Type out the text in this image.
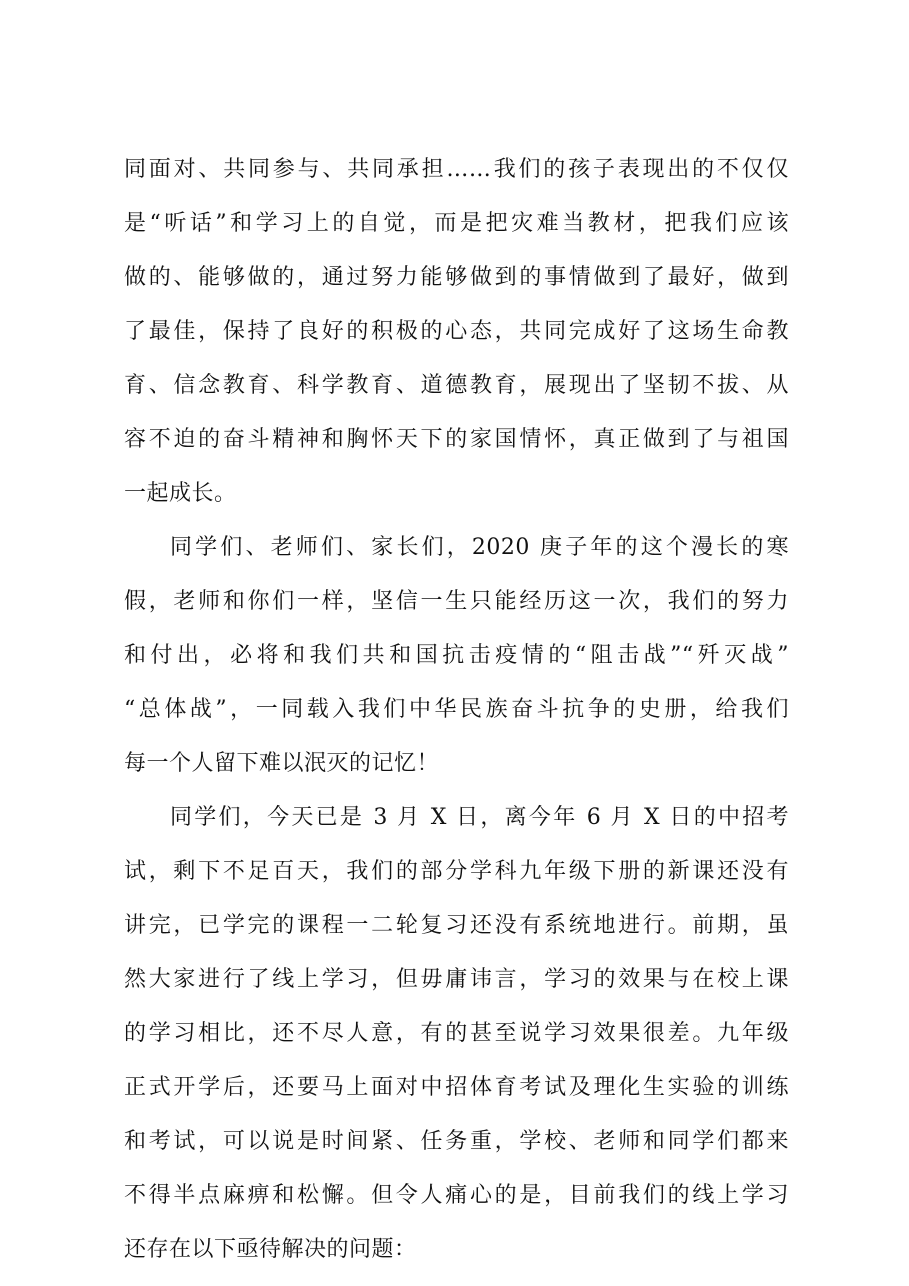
同面对、共同参与、共同承担……我们的孩子表现出的不仅仅
是“听话”和学习上的自觉，而是把灾难当教材，把我们应该
做的、能够做的，通过努力能够做到的事情做到了最好，做到
了最佳，保持了良好的积极的心态，共同完成好了这场生命教
育、信念教育、科学教育、道德教育，展现出了坚韧不拔、从
容不迫的奋斗精神和胸怀天下的家国情怀，真正做到了与祖国
一起成长。
同学们、老师们、家长们，2020 庚子年的这个漫长的寒
假，老师和你们一样，坚信一生只能经历这一次，我们的努力
和付出，必将和我们共和国抗击疫情的“阻击战”“歼灭战”
“总体战”，一同载入我们中华民族奋斗抗争的史册，给我们
每一个人留下难以泯灭的记忆！
同学们，今天已是 3 月 X 日，离今年 6 月 X 日的中招考
试，剩下不足百天，我们的部分学科九年级下册的新课还没有
讲完，已学完的课程一二轮复习还没有系统地进行。前期，虽
然大家进行了线上学习，但毋庸讳言，学习的效果与在校上课
的学习相比，还不尽人意，有的甚至说学习效果很差。九年级
正式开学后，还要马上面对中招体育考试及理化生实验的训练
和考试，可以说是时间紧、任务重，学校、老师和同学们都来
不得半点麻痹和松懈。但令人痛心的是，目前我们的线上学习
还存在以下亟待解决的问题：
